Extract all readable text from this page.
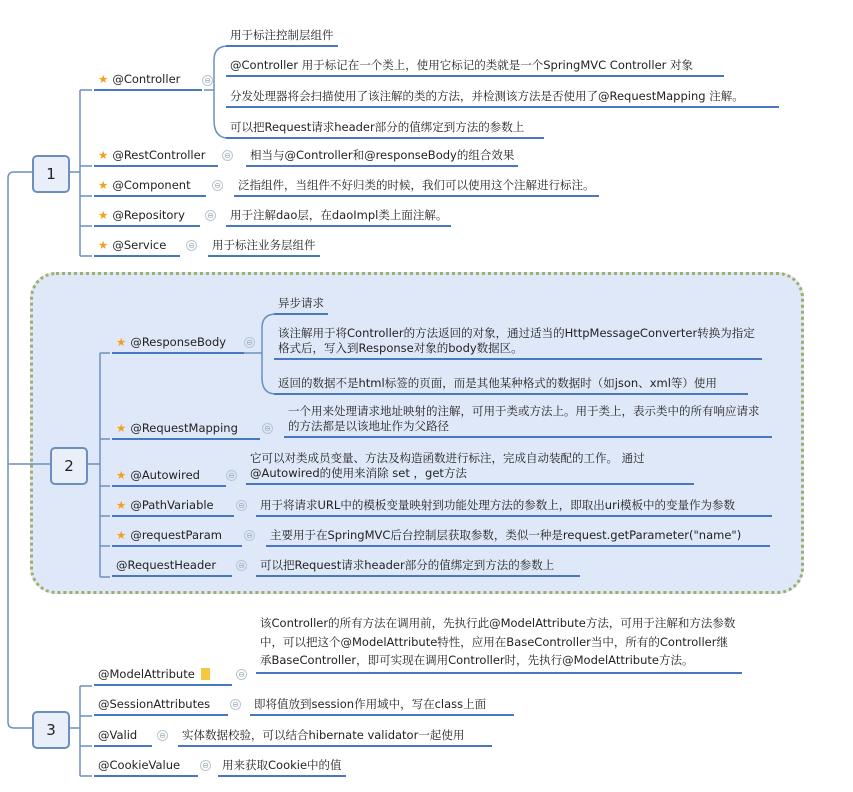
1
2
3
★ @Controller	⊖
用于标注控制层组件
@Controller 用于标记在一个类上，使用它标记的类就是一个SpringMVC Controller 对象
分发处理器将会扫描使用了该注解的类的方法，并检测该方法是否使用了@RequestMapping 注解。
可以把Request请求header部分的值绑定到方法的参数上
★ @RestController	⊖	相当与@Controller和@responseBody的组合效果
★ @Component	⊖	泛指组件，当组件不好归类的时候，我们可以使用这个注解进行标注。
★ @Repository	⊖	用于注解dao层，在daoImpl类上面注解。
★ @Service	⊖	用于标注业务层组件
★ @ResponseBody	⊖
异步请求
该注解用于将Controller的方法返回的对象，通过适当的HttpMessageConverter转换为指定格式后，写入到Response对象的body数据区。
返回的数据不是html标签的页面，而是其他某种格式的数据时（如json、xml等）使用
★ @RequestMapping	⊖
一个用来处理请求地址映射的注解，可用于类或方法上。用于类上，表示类中的所有响应请求的方法都是以该地址作为父路径
★ @Autowired	⊖
它可以对类成员变量、方法及构造函数进行标注，完成自动装配的工作。 通过@Autowired的使用来消除 set ，get方法
★ @PathVariable	⊖	用于将请求URL中的模板变量映射到功能处理方法的参数上，即取出uri模板中的变量作为参数
★ @requestParam	⊖	主要用于在SpringMVC后台控制层获取参数，类似一种是request.getParameter("name")
@RequestHeader	⊖	可以把Request请求header部分的值绑定到方法的参数上
@ModelAttribute	⊖
该Controller的所有方法在调用前，先执行此@ModelAttribute方法，可用于注解和方法参数中，可以把这个@ModelAttribute特性，应用在BaseController当中，所有的Controller继承BaseController，即可实现在调用Controller时，先执行@ModelAttribute方法。
@SessionAttributes	⊖	即将值放到session作用域中，写在class上面
@Valid	⊖	实体数据校验，可以结合hibernate validator一起使用
@CookieValue	⊖	用来获取Cookie中的值
